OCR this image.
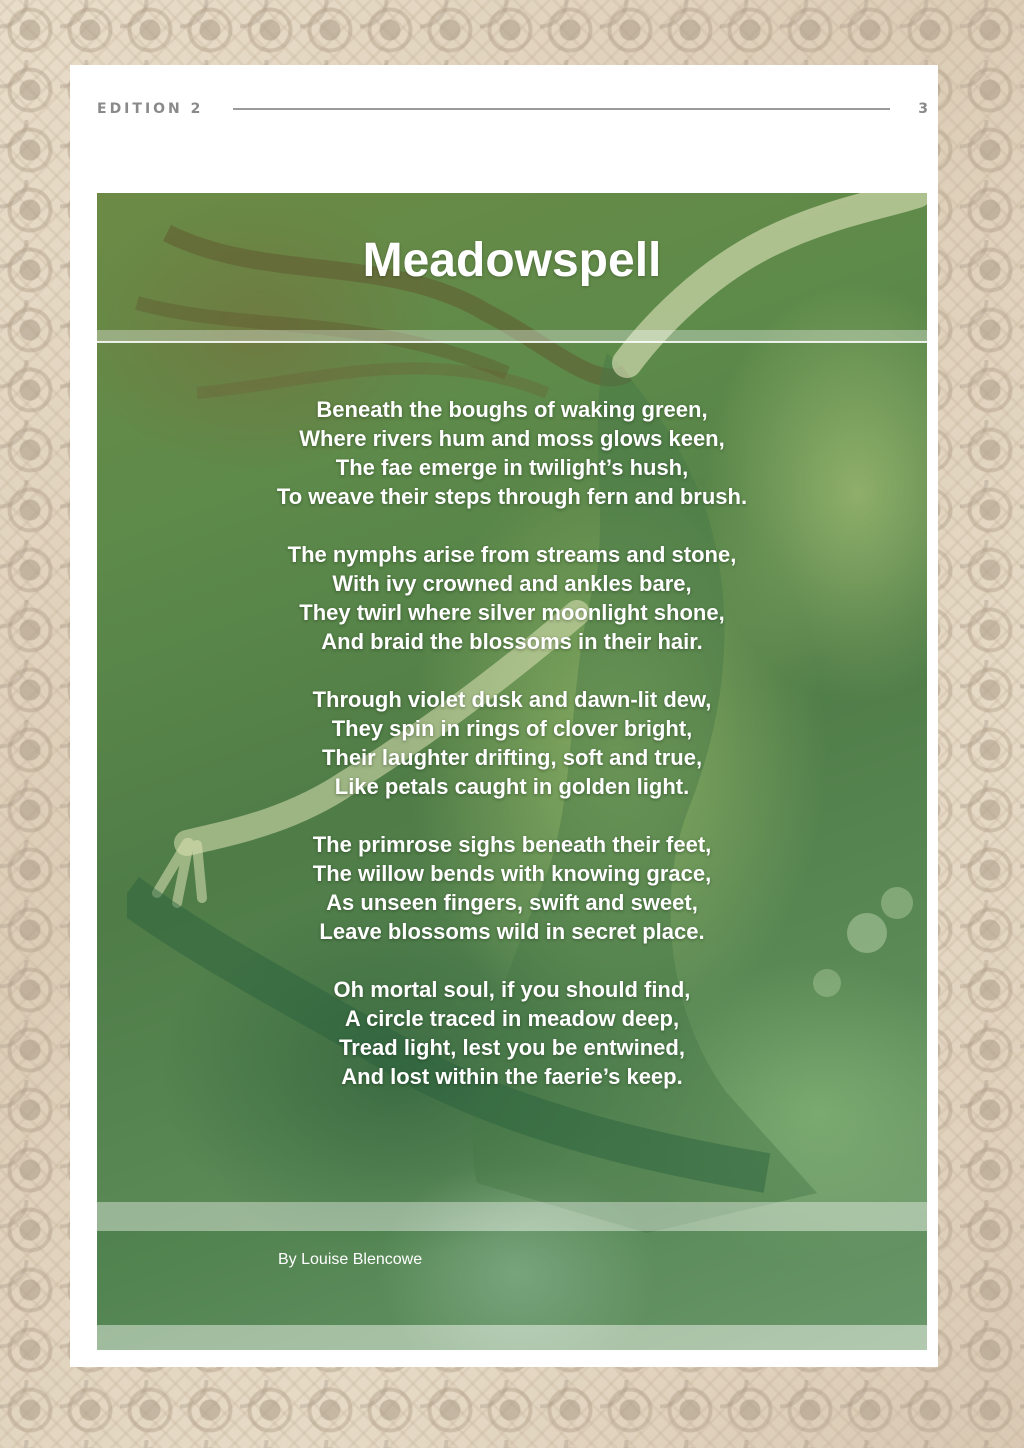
EDITION 2	3
Meadowspell
Beneath the boughs of waking green,
Where rivers hum and moss glows keen,
The fae emerge in twilight’s hush,
To weave their steps through fern and brush.
The nymphs arise from streams and stone,
With ivy crowned and ankles bare,
They twirl where silver moonlight shone,
And braid the blossoms in their hair.
Through violet dusk and dawn-lit dew,
They spin in rings of clover bright,
Their laughter drifting, soft and true,
Like petals caught in golden light.
The primrose sighs beneath their feet,
The willow bends with knowing grace,
As unseen fingers, swift and sweet,
Leave blossoms wild in secret place.
Oh mortal soul, if you should find,
A circle traced in meadow deep,
Tread light, lest you be entwined,
And lost within the faerie’s keep.
By Louise Blencowe
